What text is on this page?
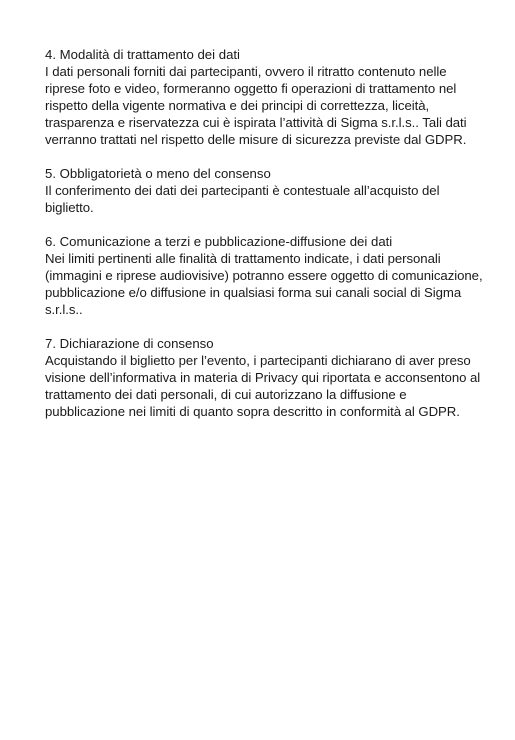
4. Modalità di trattamento dei dati

I dati personali forniti dai partecipanti, ovvero il ritratto contenuto nelle riprese foto e video, formeranno oggetto fi operazioni di trattamento nel rispetto della vigente normativa e dei principi di correttezza, liceità, trasparenza e riservatezza cui è ispirata l’attività di Sigma s.r.l.s.. Tali dati verranno trattati nel rispetto delle misure di sicurezza previste dal GDPR.

5. Obbligatorietà o meno del consenso

Il conferimento dei dati dei partecipanti è contestuale all’acquisto del biglietto.

6. Comunicazione a terzi e pubblicazione-diffusione dei dati

Nei limiti pertinenti alle finalità di trattamento indicate, i dati personali (immagini e riprese audiovisive) potranno essere oggetto di comunicazione, pubblicazione e/o diffusione in qualsiasi forma sui canali social di Sigma s.r.l.s..

7. Dichiarazione di consenso

Acquistando il biglietto per l’evento, i partecipanti dichiarano di aver preso visione dell’informativa in materia di Privacy qui riportata e acconsentono al trattamento dei dati personali, di cui autorizzano la diffusione e pubblicazione nei limiti di quanto sopra descritto in conformità al GDPR.
